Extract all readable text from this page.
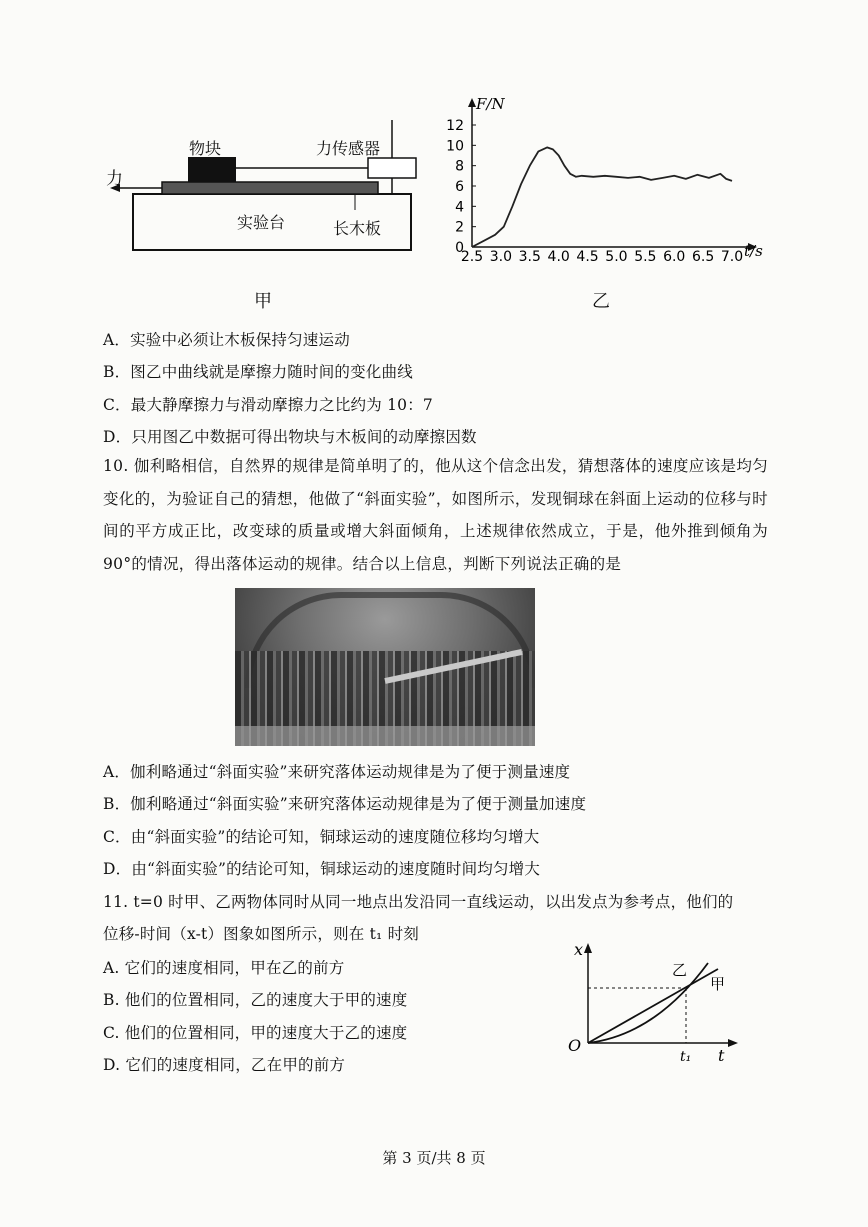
物块	力传感器
力
实验台	长木板
甲
0
2
4
6
8
10
12
2.5 3.0 3.5 4.0 4.5 5.0 5.5 6.0 6.5 7.0
F/N
t/s
乙
A．实验中必须让木板保持匀速运动
B．图乙中曲线就是摩擦力随时间的变化曲线
C．最大静摩擦力与滑动摩擦力之比约为 10：7
D．只用图乙中数据可得出物块与木板间的动摩擦因数
10. 伽利略相信，自然界的规律是简单明了的，他从这个信念出发，猜想落体的速度应该是均匀变化的，为验证自己的猜想，他做了“斜面实验”，如图所示，发现铜球在斜面上运动的位移与时间的平方成正比，改变球的质量或增大斜面倾角，上述规律依然成立，于是，他外推到倾角为 90°的情况，得出落体运动的规律。结合以上信息，判断下列说法正确的是
A．伽利略通过“斜面实验”来研究落体运动规律是为了便于测量速度
B．伽利略通过“斜面实验”来研究落体运动规律是为了便于测量加速度
C．由“斜面实验”的结论可知，铜球运动的速度随位移均匀增大
D．由“斜面实验”的结论可知，铜球运动的速度随时间均匀增大
11. t=0 时甲、乙两物体同时从同一地点出发沿同一直线运动，以出发点为参考点，他们的
位移-时间（x-t）图象如图所示，则在 t₁ 时刻
A. 它们的速度相同，甲在乙的前方
B. 他们的位置相同，乙的速度大于甲的速度
C. 他们的位置相同，甲的速度大于乙的速度
D. 它们的速度相同，乙在甲的前方
x
t
O
t₁
乙
甲
第 3 页/共 8 页
